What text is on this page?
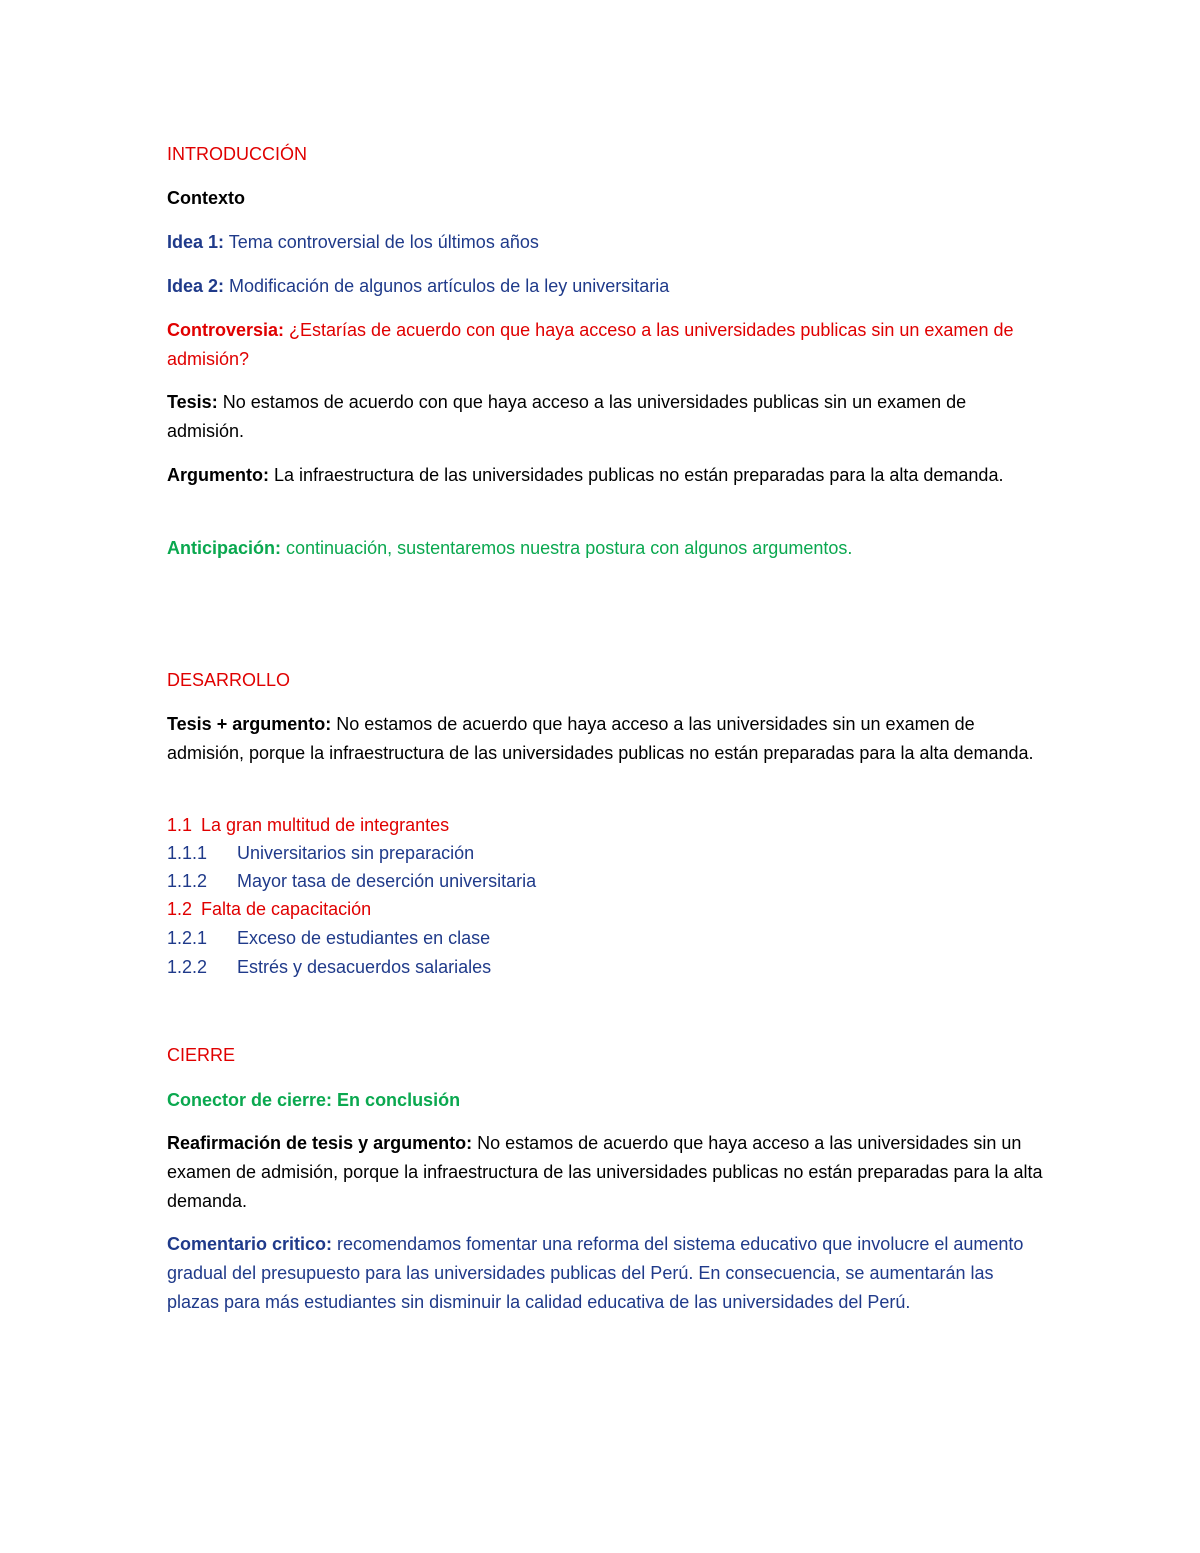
INTRODUCCIÓN

Contexto

Idea 1: Tema controversial de los últimos años

Idea 2: Modificación de algunos artículos de la ley universitaria

Controversia: ¿Estarías de acuerdo con que haya acceso a las universidades publicas sin un examen de admisión?

Tesis: No estamos de acuerdo con que haya acceso a las universidades publicas sin un examen de admisión.

Argumento: La infraestructura de las universidades publicas no están preparadas para la alta demanda.

Anticipación: continuación, sustentaremos nuestra postura con algunos argumentos.

DESARROLLO

Tesis + argumento: No estamos de acuerdo que haya acceso a las universidades sin un examen de admisión, porque la infraestructura de las universidades publicas no están preparadas para la alta demanda.

1.1 La gran multitud de integrantes
1.1.1 Universitarios sin preparación
1.1.2 Mayor tasa de deserción universitaria
1.2 Falta de capacitación
1.2.1 Exceso de estudiantes en clase
1.2.2 Estrés y desacuerdos salariales

CIERRE

Conector de cierre: En conclusión

Reafirmación de tesis y argumento: No estamos de acuerdo que haya acceso a las universidades sin un examen de admisión, porque la infraestructura de las universidades publicas no están preparadas para la alta demanda.

Comentario critico: recomendamos fomentar una reforma del sistema educativo que involucre el aumento gradual del presupuesto para las universidades publicas del Perú. En consecuencia, se aumentarán las plazas para más estudiantes sin disminuir la calidad educativa de las universidades del Perú.
